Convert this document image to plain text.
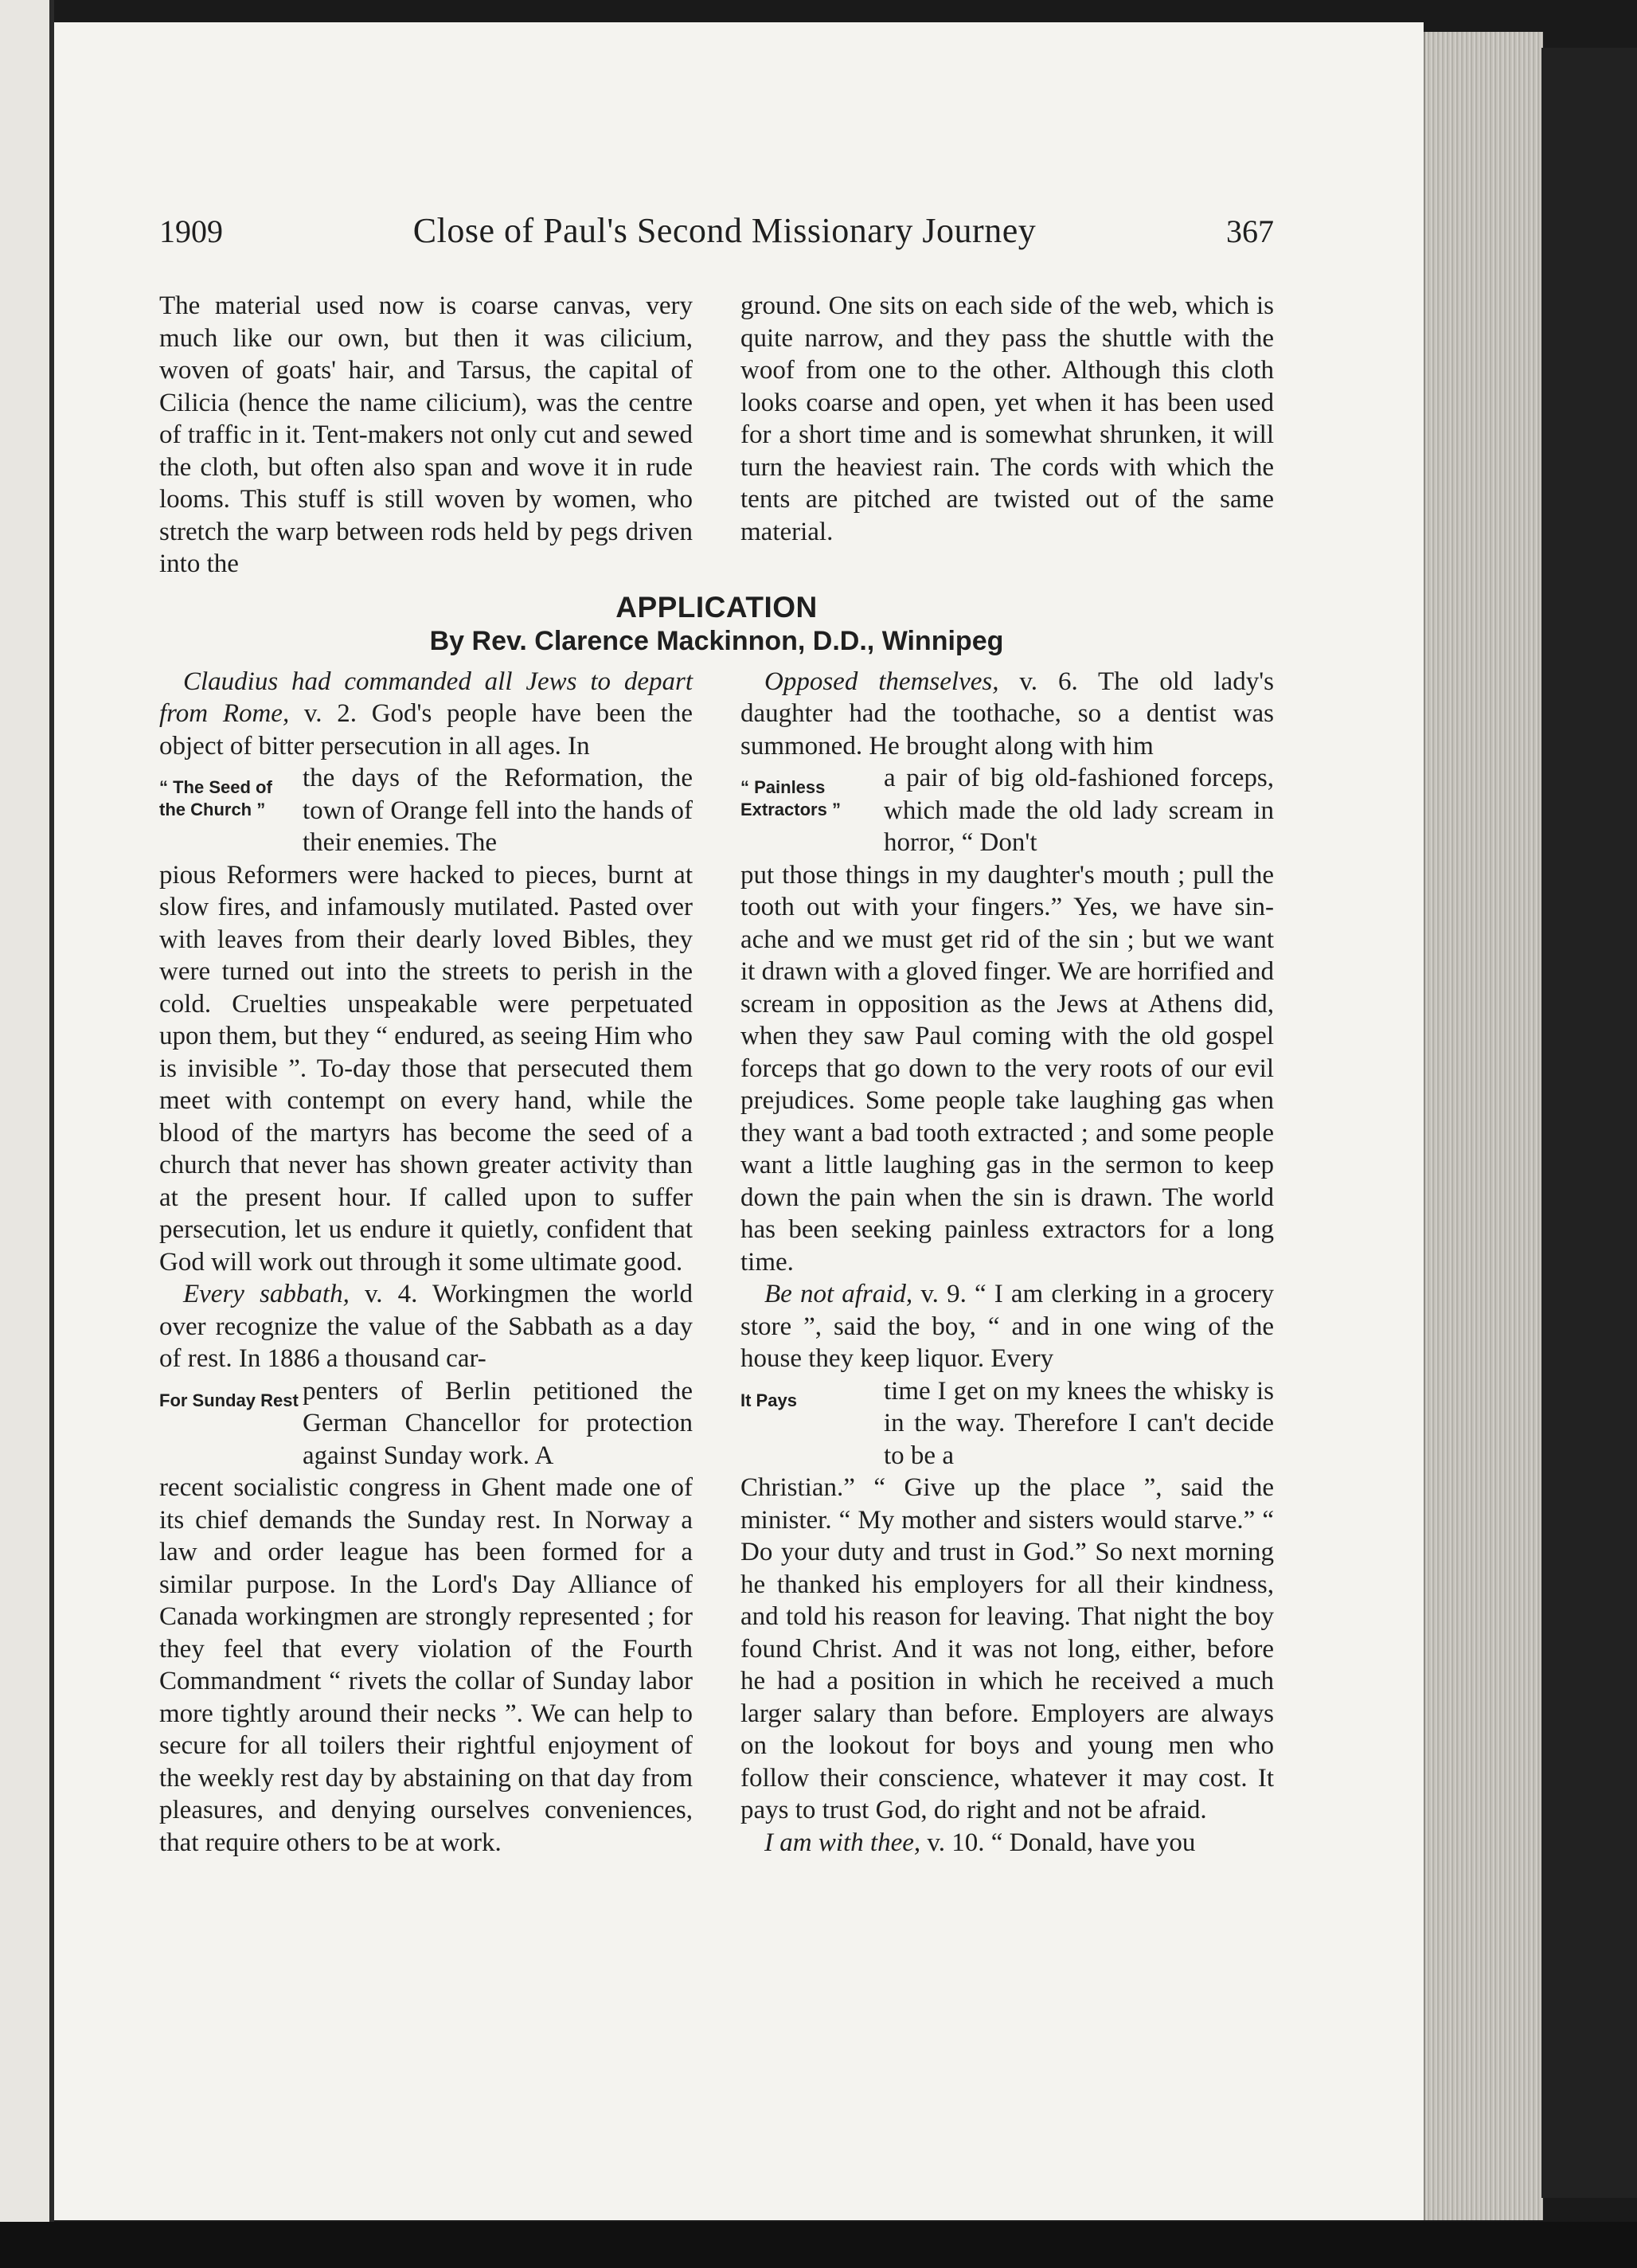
1909	Close of Paul's Second Missionary Journey	367

The material used now is coarse canvas, very much like our own, but then it was cilicium, woven of goats' hair, and Tarsus, the capital of Cilicia (hence the name cilicium), was the centre of traffic in it. Tent-makers not only cut and sewed the cloth, but often also span and wove it in rude looms. This stuff is still woven by women, who stretch the warp between rods held by pegs driven into the

ground. One sits on each side of the web, which is quite narrow, and they pass the shuttle with the woof from one to the other. Although this cloth looks coarse and open, yet when it has been used for a short time and is somewhat shrunken, it will turn the heaviest rain. The cords with which the tents are pitched are twisted out of the same material.

APPLICATION
By Rev. Clarence Mackinnon, D.D., Winnipeg

Claudius had commanded all Jews to depart from Rome, v. 2. God's people have been the object of bitter persecution in all ages. In

“ The Seed of the Church ”

the days of the Reformation, the town of Orange fell into the hands of their enemies. The

pious Reformers were hacked to pieces, burnt at slow fires, and infamously mutilated. Pasted over with leaves from their dearly loved Bibles, they were turned out into the streets to perish in the cold. Cruelties unspeakable were perpetuated upon them, but they “ endured, as seeing Him who is invisible ”. To-day those that persecuted them meet with contempt on every hand, while the blood of the martyrs has become the seed of a church that never has shown greater activity than at the present hour. If called upon to suffer persecution, let us endure it quietly, confident that God will work out through it some ultimate good.

Every sabbath, v. 4. Workingmen the world over recognize the value of the Sabbath as a day of rest. In 1886 a thousand car-

For Sunday Rest penters of Berlin petitioned the German Chancellor for protection against Sunday work. A

recent socialistic congress in Ghent made one of its chief demands the Sunday rest. In Norway a law and order league has been formed for a similar purpose. In the Lord's Day Alliance of Canada workingmen are strongly represented ; for they feel that every violation of the Fourth Commandment “ rivets the collar of Sunday labor more tightly around their necks ”. We can help to secure for all toilers their rightful enjoyment of the weekly rest day by abstaining on that day from pleasures, and denying ourselves conveniences, that require others to be at work.

Opposed themselves, v. 6. The old lady's daughter had the toothache, so a dentist was summoned. He brought along with him

“ Painless Extractors ”

a pair of big old-fashioned forceps, which made the old lady scream in horror, “ Don't

put those things in my daughter's mouth ; pull the tooth out with your fingers.” Yes, we have sin-ache and we must get rid of the sin ; but we want it drawn with a gloved finger. We are horrified and scream in opposition as the Jews at Athens did, when they saw Paul coming with the old gospel forceps that go down to the very roots of our evil prejudices. Some people take laughing gas when they want a bad tooth extracted ; and some people want a little laughing gas in the sermon to keep down the pain when the sin is drawn. The world has been seeking painless extractors for a long time.

Be not afraid, v. 9. “ I am clerking in a grocery store ”, said the boy, “ and in one wing of the house they keep liquor. Every

It Pays	time I get on my knees the whisky is in the way. Therefore I can't decide to be a

Christian.” “ Give up the place ”, said the minister. “ My mother and sisters would starve.” “ Do your duty and trust in God.” So next morning he thanked his employers for all their kindness, and told his reason for leaving. That night the boy found Christ. And it was not long, either, before he had a position in which he received a much larger salary than before. Employers are always on the lookout for boys and young men who follow their conscience, whatever it may cost. It pays to trust God, do right and not be afraid.

I am with thee, v. 10. “ Donald, have you
